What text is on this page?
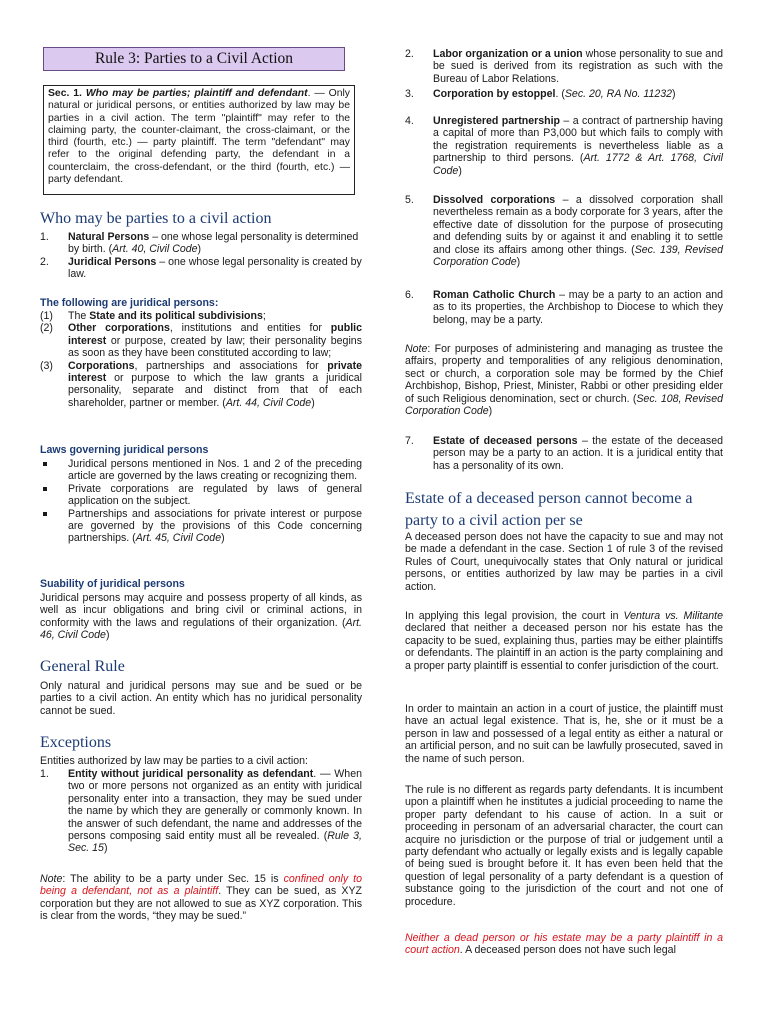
Rule 3: Parties to a Civil Action
Sec. 1. Who may be parties; plaintiff and defendant. — Only natural or juridical persons, or entities authorized by law may be parties in a civil action. The term "plaintiff" may refer to the claiming party, the counter-claimant, the cross-claimant, or the third (fourth, etc.) — party plaintiff. The term "defendant" may refer to the original defending party, the defendant in a counterclaim, the cross-defendant, or the third (fourth, etc.) — party defendant.

Who may be parties to a civil action

1. Natural Persons – one whose legal personality is determined by birth. (Art. 40, Civil Code)
2. Juridical Persons – one whose legal personality is created by law.

The following are juridical persons:

(1) The State and its political subdivisions;
(2) Other corporations, institutions and entities for public interest or purpose, created by law; their personality begins as soon as they have been constituted according to law;
(3) Corporations, partnerships and associations for private interest or purpose to which the law grants a juridical personality, separate and distinct from that of each shareholder, partner or member. (Art. 44, Civil Code)

Laws governing juridical persons

Juridical persons mentioned in Nos. 1 and 2 of the preceding article are governed by the laws creating or recognizing them.
Private corporations are regulated by laws of general application on the subject.
Partnerships and associations for private interest or purpose are governed by the provisions of this Code concerning partnerships. (Art. 45, Civil Code)

Suability of juridical persons

Juridical persons may acquire and possess property of all kinds, as well as incur obligations and bring civil or criminal actions, in conformity with the laws and regulations of their organization. (Art. 46, Civil Code)

General Rule

Only natural and juridical persons may sue and be sued or be parties to a civil action. An entity which has no juridical personality cannot be sued.

Exceptions

Entities authorized by law may be parties to a civil action:

1. Entity without juridical personality as defendant. — When two or more persons not organized as an entity with juridical personality enter into a transaction, they may be sued under the name by which they are generally or commonly known. In the answer of such defendant, the name and addresses of the persons composing said entity must all be revealed. (Rule 3, Sec. 15)
Note: The ability to be a party under Sec. 15 is confined only to being a defendant, not as a plaintiff. They can be sued, as XYZ corporation but they are not allowed to sue as XYZ corporation. This is clear from the words, “they may be sued.”
2. Labor organization or a union whose personality to sue and be sued is derived from its registration as such with the Bureau of Labor Relations.
3. Corporation by estoppel. (Sec. 20, RA No. 11232)
4. Unregistered partnership – a contract of partnership having a capital of more than P3,000 but which fails to comply with the registration requirements is nevertheless liable as a partnership to third persons. (Art. 1772 & Art. 1768, Civil Code)
5. Dissolved corporations – a dissolved corporation shall nevertheless remain as a body corporate for 3 years, after the effective date of dissolution for the purpose of prosecuting and defending suits by or against it and enabling it to settle and close its affairs among other things. (Sec. 139, Revised Corporation Code)
6. Roman Catholic Church – may be a party to an action and as to its properties, the Archbishop to Diocese to which they belong, may be a party.
Note: For purposes of administering and managing as trustee the affairs, property and temporalities of any religious denomination, sect or church, a corporation sole may be formed by the Chief Archbishop, Bishop, Priest, Minister, Rabbi or other presiding elder of such Religious denomination, sect or church. (Sec. 108, Revised Corporation Code)
7. Estate of deceased persons – the estate of the deceased person may be a party to an action. It is a juridical entity that has a personality of its own.

Estate of a deceased person cannot become a party to a civil action per se

A deceased person does not have the capacity to sue and may not be made a defendant in the case. Section 1 of rule 3 of the revised Rules of Court, unequivocally states that Only natural or juridical persons, or entities authorized by law may be parties in a civil action.

In applying this legal provision, the court in Ventura vs. Militante declared that neither a deceased person nor his estate has the capacity to be sued, explaining thus, parties may be either plaintiffs or defendants. The plaintiff in an action is the party complaining and a proper party plaintiff is essential to confer jurisdiction of the court.

In order to maintain an action in a court of justice, the plaintiff must have an actual legal existence. That is, he, she or it must be a person in law and possessed of a legal entity as either a natural or an artificial person, and no suit can be lawfully prosecuted, saved in the name of such person.

The rule is no different as regards party defendants. It is incumbent upon a plaintiff when he institutes a judicial proceeding to name the proper party defendant to his cause of action. In a suit or proceeding in personam of an adversarial character, the court can acquire no jurisdiction or the purpose of trial or judgement until a party defendant who actually or legally exists and is legally capable of being sued is brought before it. It has even been held that the question of legal personality of a party defendant is a question of substance going to the jurisdiction of the court and not one of procedure.

Neither a dead person or his estate may be a party plaintiff in a court action. A deceased person does not have such legal
